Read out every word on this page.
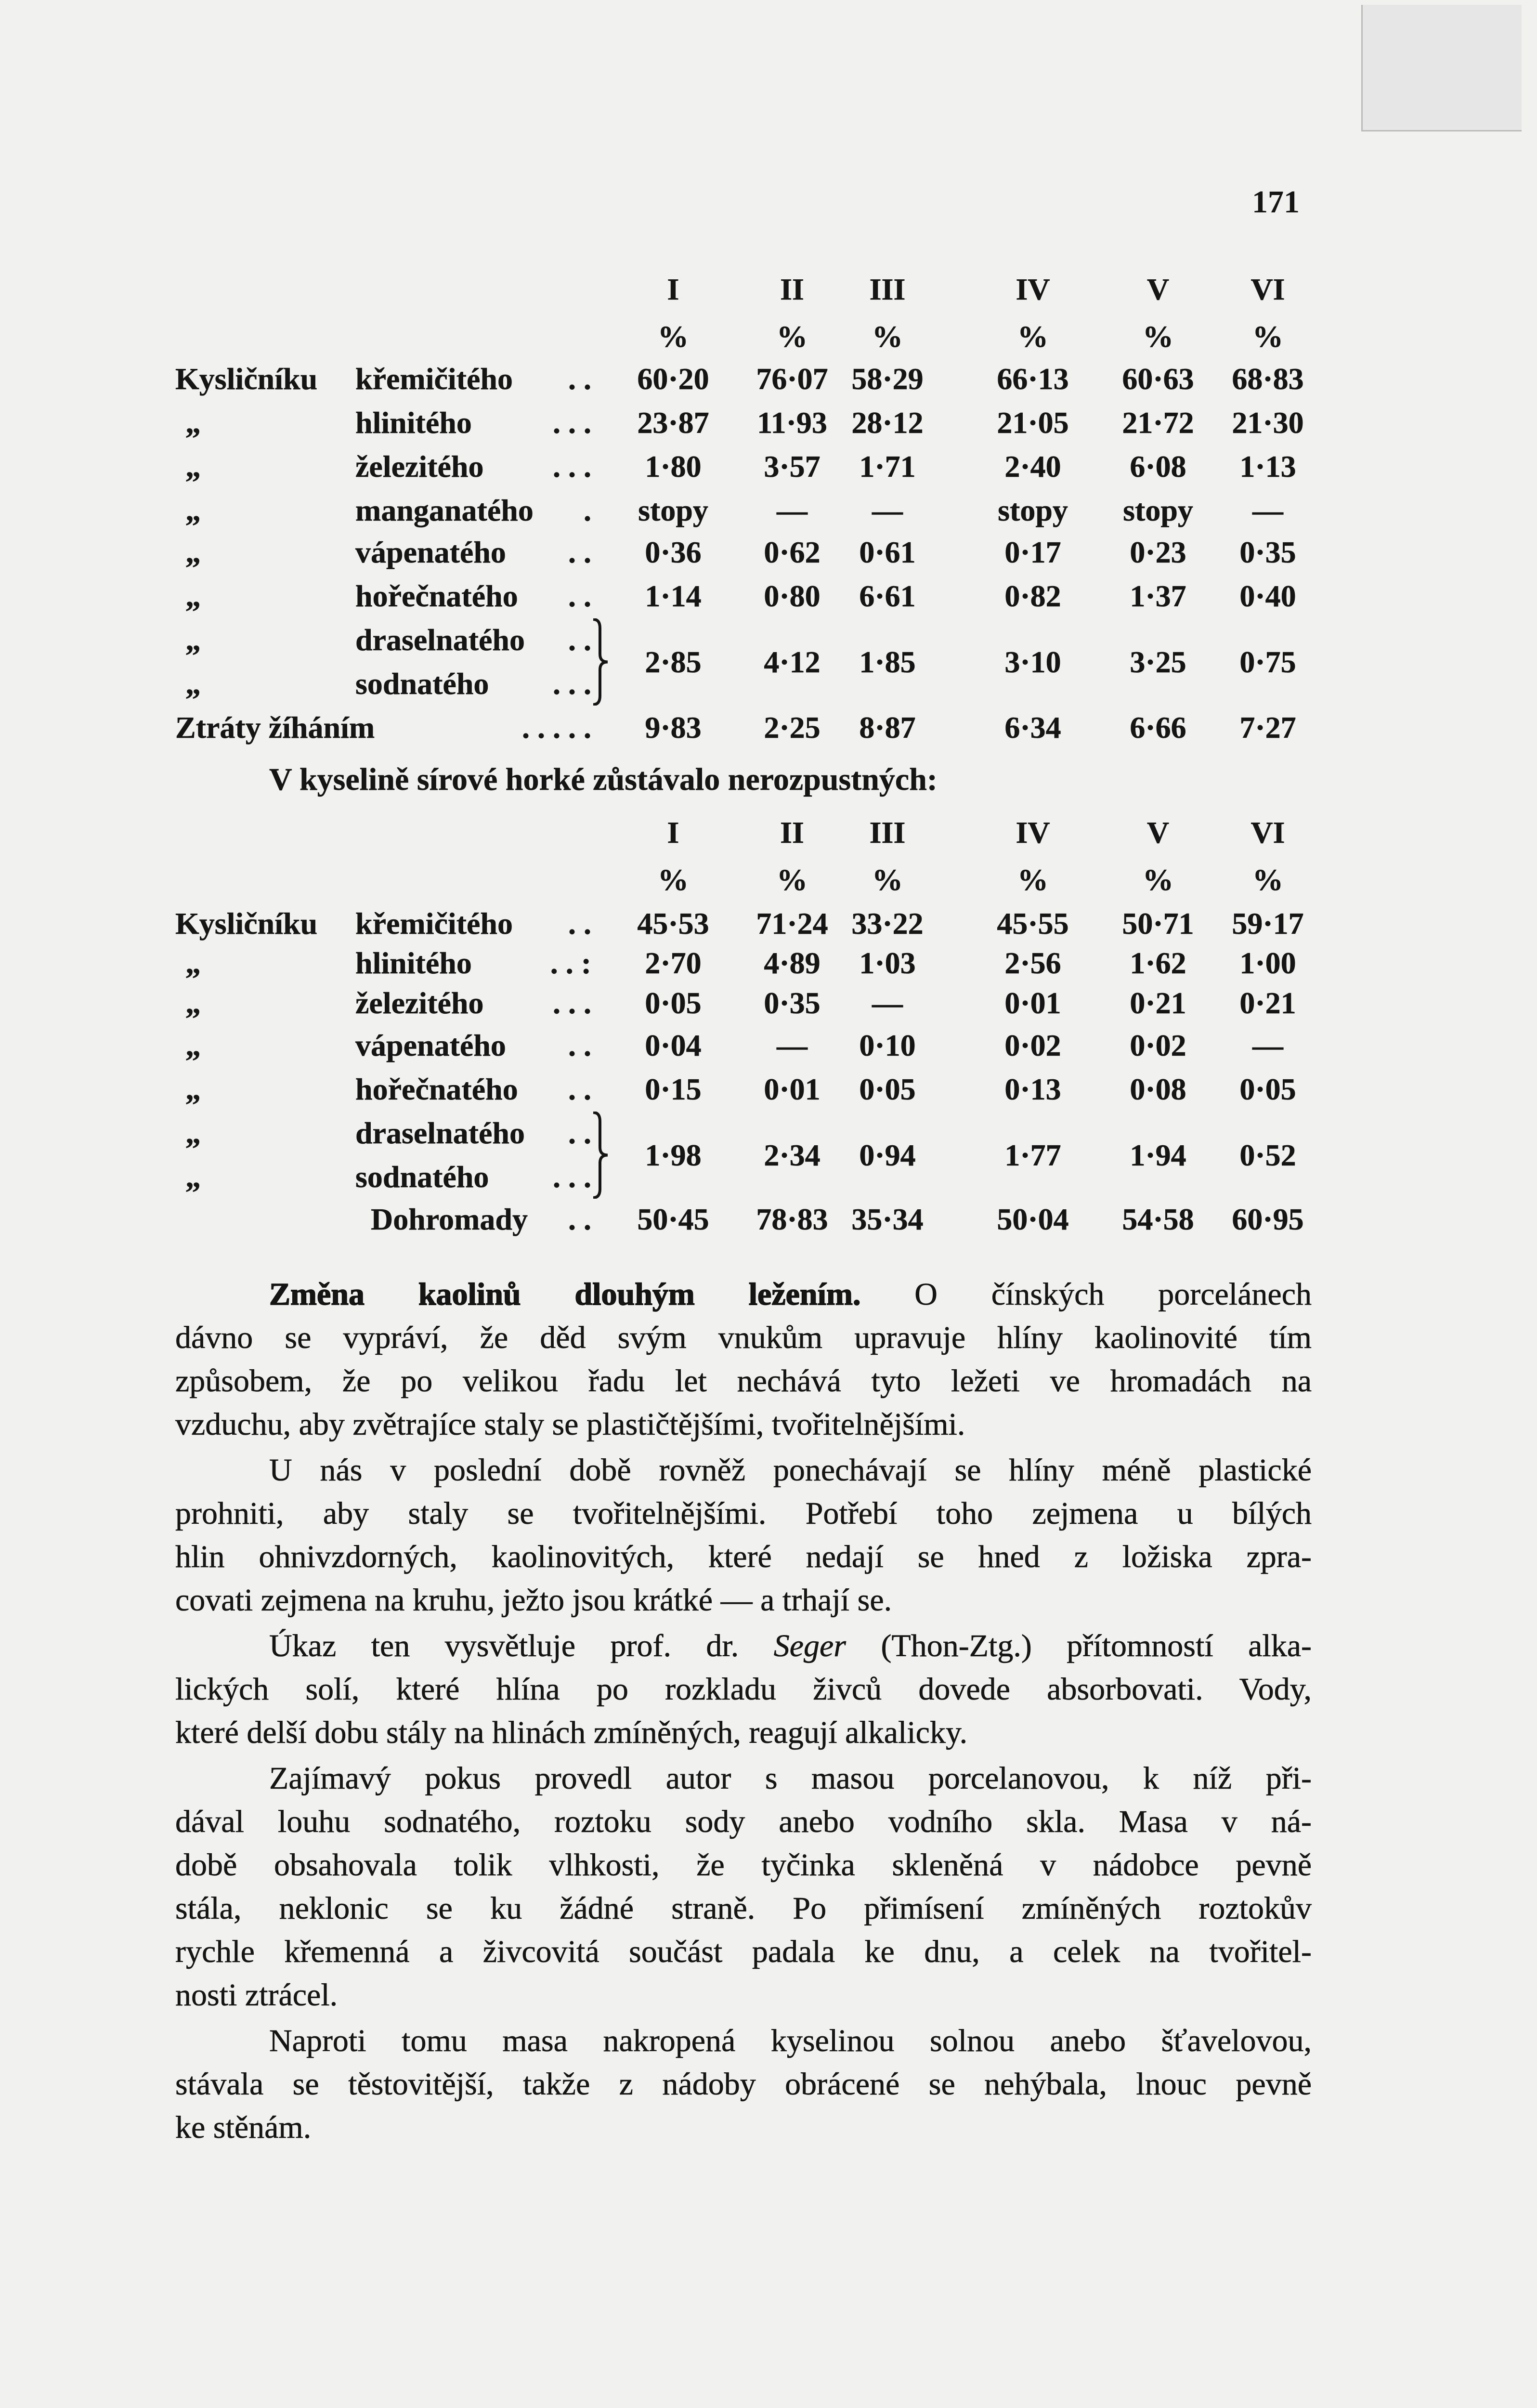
171
I	II	III	IV	V	VI
%	%	%	%	%	%
Kysličníku křemičitého . .	60·20	76·07 58·29	66·13	60·63	68·83
„	hlinitého	. . .	23·87	11·93 28·12	21·05	21·72	21·30
„	železitého . . .	1·80	3·57	1·71	2·40	6·08	1·13
„	manganatého .	stopy	—	—	stopy	stopy	—
„	vápenatého . .	0·36	0·62	0·61	0·17	0·23	0·35
„	hořečnatého . .	1·14	0·80	6·61	0·82	1·37	0·40
„	draselnatého . .
„	sodnatého . . .
2·85	4·12	1·85	3·10	3·25	0·75
Ztráty žíháním	. . . . .	9·83	2·25	8·87	6·34	6·66	7·27
I	II	III	IV	V	VI
%	%	%	%	%	%
Kysličníku křemičitého . .	45·53	71·24 33·22	45·55	50·71	59·17
„	hlinitého	. . :	2·70	4·89	1·03	2·56	1·62	1·00
„	železitého . . .	0·05	0·35	—	0·01	0·21	0·21
„	vápenatého . .	0·04	—	0·10	0·02	0·02	—
„	hořečnatého . .	0·15	0·01	0·05	0·13	0·08	0·05
„	draselnatého . .
„	sodnatého . . .
1·98	2·34	0·94	1·77	1·94	0·52
Dohromady . .	50·45	78·83 35·34	50·04	54·58	60·95
V kyselině sírové horké zůstávalo nerozpustných:
Změna kaolinů dlouhým ležením. O čínských porcelánech
dávno se vypráví, že děd svým vnukům upravuje hlíny kaolinovité tím
způsobem, že po velikou řadu let nechává tyto ležeti ve hromadách na
vzduchu, aby zvětrajíce staly se plastičtějšími, tvořitelnějšími.
U nás v poslední době rovněž ponechávají se hlíny méně plastické
prohniti, aby staly se tvořitelnějšími. Potřebí toho zejmena u bílých
hlin ohnivzdorných, kaolinovitých, které nedají se hned z ložiska zpra-
covati zejmena na kruhu, ježto jsou krátké — a trhají se.
Úkaz ten vysvětluje prof. dr. Seger (Thon-Ztg.) přítomností alka-
lických solí, které hlína po rozkladu živců dovede absorbovati. Vody,
které delší dobu stály na hlinách zmíněných, reagují alkalicky.
Zajímavý pokus provedl autor s masou porcelanovou, k níž při-
dával louhu sodnatého, roztoku sody anebo vodního skla. Masa v ná-
době obsahovala tolik vlhkosti, že tyčinka skleněná v nádobce pevně
stála, neklonic se ku žádné straně. Po přimísení zmíněných roztokův
rychle křemenná a živcovitá součást padala ke dnu, a celek na tvořitel-
nosti ztrácel.
Naproti tomu masa nakropená kyselinou solnou anebo šťavelovou,
stávala se těstovitější, takže z nádoby obrácené se nehýbala, lnouc pevně
ke stěnám.
